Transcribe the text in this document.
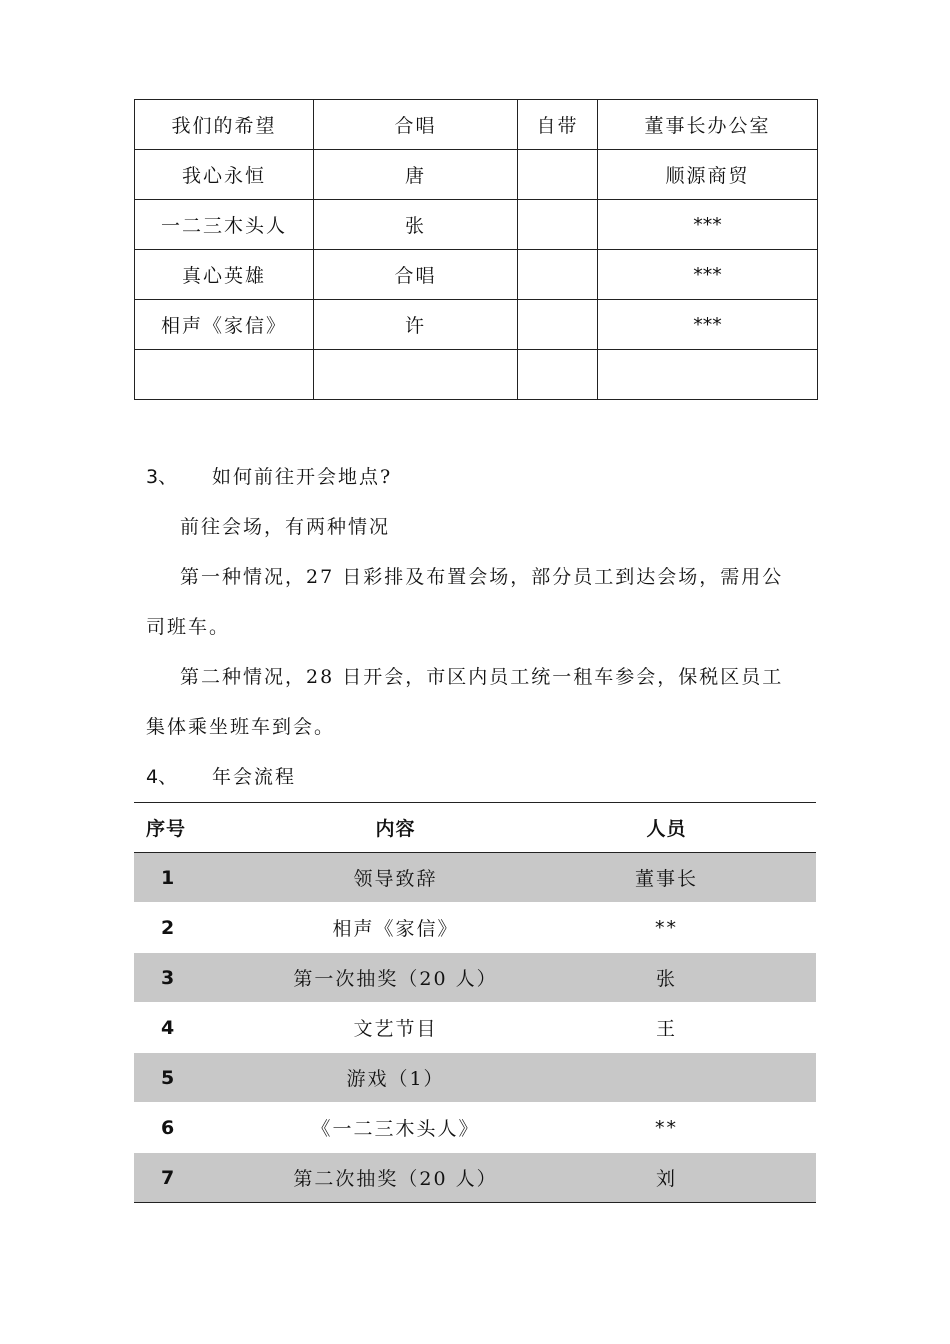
我们的希望	合唱	自带	董事长办公室
我心永恒	唐		顺源商贸
一二三木头人	张		***
真心英雄	合唱		***
相声《家信》	许		***

3、 如何前往开会地点?
前往会场，有两种情况
第一种情况，27 日彩排及布置会场，部分员工到达会场，需用公
司班车。
第二种情况，28 日开会，市区内员工统一租车参会，保税区员工
集体乘坐班车到会。
4、 年会流程
序号	内容	人员
1	领导致辞	董事长
2	相声《家信》	**
3	第一次抽奖（20 人）	张
4	文艺节目	王
5	游戏（1）	
6	《一二三木头人》	**
7	第二次抽奖（20 人）	刘
